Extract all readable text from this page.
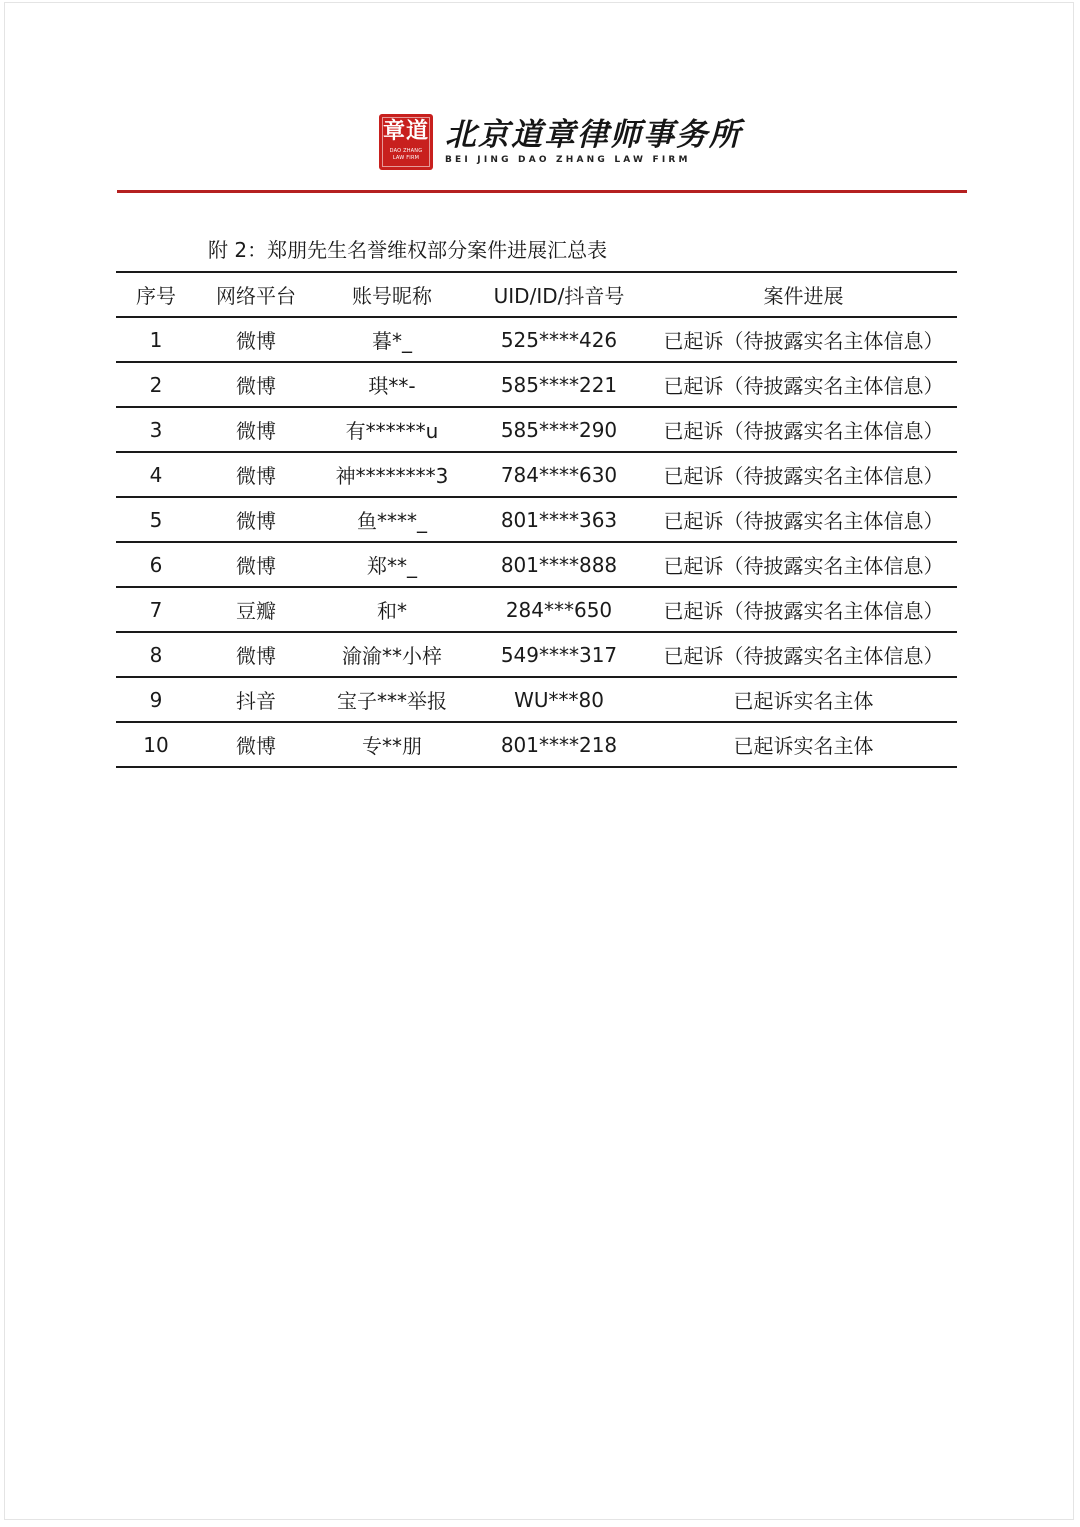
章 道
DAO ZHANG
LAW FIRM
北京道章律师事务所
BEI JING DAO ZHANG LAW FIRM
附 2：郑朋先生名誉维权部分案件进展汇总表
序号	网络平台	账号昵称	UID/ID/抖音号	案件进展
1	微博	暮*_	525****426	已起诉（待披露实名主体信息）
2	微博	琪**-	585****221	已起诉（待披露实名主体信息）
3	微博	有******u	585****290	已起诉（待披露实名主体信息）
4	微博	神********3	784****630	已起诉（待披露实名主体信息）
5	微博	鱼****_	801****363	已起诉（待披露实名主体信息）
6	微博	郑**_	801****888	已起诉（待披露实名主体信息）
7	豆瓣	和*	284***650	已起诉（待披露实名主体信息）
8	微博	渝渝**小梓	549****317	已起诉（待披露实名主体信息）
9	抖音	宝子***举报	WU***80	已起诉实名主体
10	微博	专**朋	801****218	已起诉实名主体
